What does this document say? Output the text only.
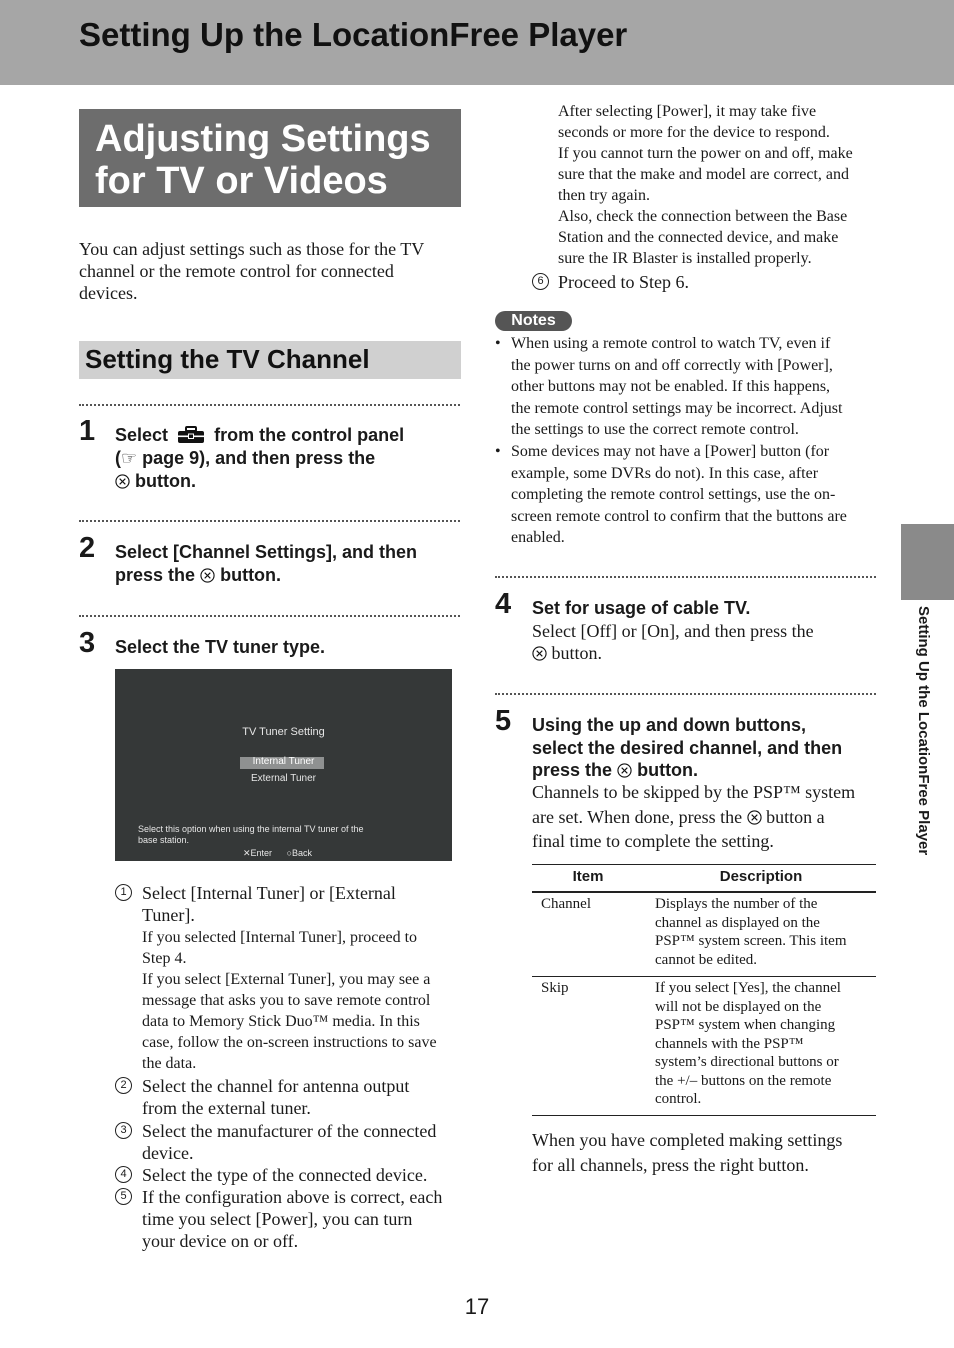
Setting Up the LocationFree Player
Adjusting Settings
for TV or Videos
You can adjust settings such as those for the TV
channel or the remote control for connected
devices.
Setting the TV Channel
1 Select	from the control panel
(☞ page 9), and then press the
button.
2 Select [Channel Settings], and then
press the button.
3 Select the TV tuner type.
TV Tuner Setting
Internal Tuner
External Tuner
Select this option when using the internal TV tuner of the
base station.
✕Enter ○Back
1 Select [Internal Tuner] or [External
Tuner].
If you selected [Internal Tuner], proceed to
Step 4.
If you select [External Tuner], you may see a
message that asks you to save remote control
data to Memory Stick Duo™ media. In this
case, follow the on-screen instructions to save
the data.
2 Select the channel for antenna output
from the external tuner.
3 Select the manufacturer of the connected
device.
4 Select the type of the connected device.
5 If the configuration above is correct, each
time you select [Power], you can turn
your device on or off.
After selecting [Power], it may take five
seconds or more for the device to respond.
If you cannot turn the power on and off, make
sure that the make and model are correct, and
then try again.
Also, check the connection between the Base
Station and the connected device, and make
sure the IR Blaster is installed properly.
6 Proceed to Step 6.
Notes
• When using a remote control to watch TV, even if
the power turns on and off correctly with [Power],
other buttons may not be enabled. If this happens,
the remote control settings may be incorrect. Adjust
the settings to use the correct remote control.
• Some devices may not have a [Power] button (for
example, some DVRs do not). In this case, after
completing the remote control settings, use the on-
screen remote control to confirm that the buttons are
enabled.
4 Set for usage of cable TV.
Select [Off] or [On], and then press the
button.
5 Using the up and down buttons,
select the desired channel, and then
press the button.
Channels to be skipped by the PSP™ system
are set. When done, press the button a
final time to complete the setting.
Item	Description
Channel	Displays the number of the
channel as displayed on the
PSP™ system screen. This item
cannot be edited.
Skip	If you select [Yes], the channel
will not be displayed on the
PSP™ system when changing
channels with the PSP™
system’s directional buttons or
the +/– buttons on the remote
control.
When you have completed making settings
for all channels, press the right button.
Setting Up the LocationFree Player
17
